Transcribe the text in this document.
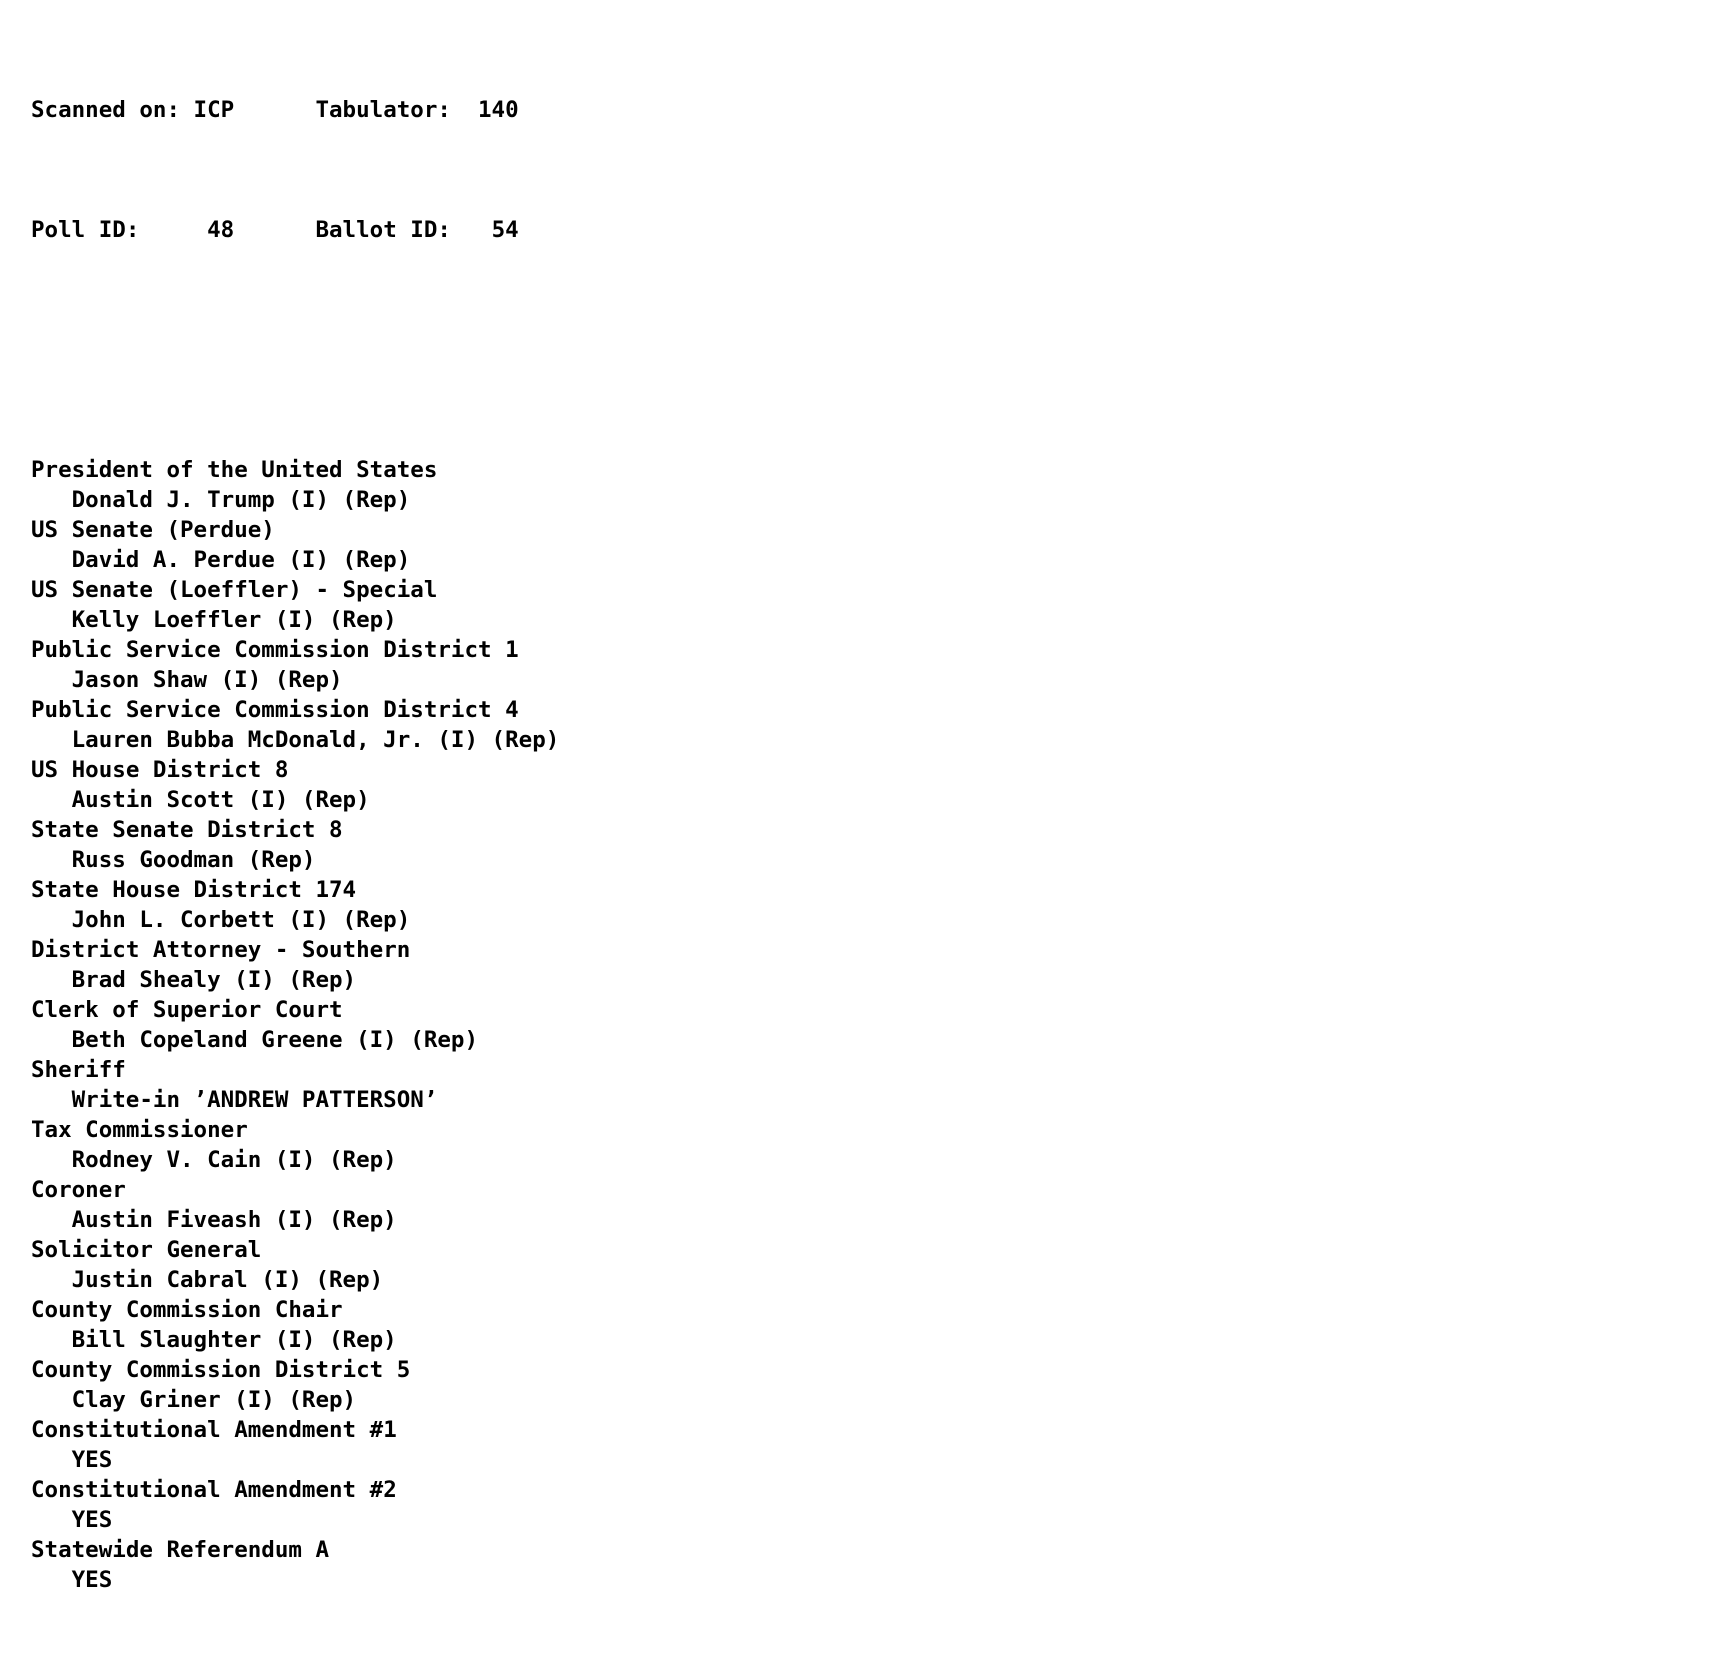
ICP

Scanned on:

	140

Tabulator:

48

Poll ID:

	54

Ballot ID:

President of the United States
Donald J. Trump (I) (Rep)
US Senate (Perdue)
David A. Perdue (I) (Rep)
US Senate (Loeffler) - Special
Kelly Loeffler (I) (Rep)
Public Service Commission District 1
Jason Shaw (I) (Rep)
Public Service Commission District 4
Lauren Bubba McDonald, Jr. (I) (Rep)
US House District 8
Austin Scott (I) (Rep)
State Senate District 8
Russ Goodman (Rep)
State House District 174
John L. Corbett (I) (Rep)
District Attorney - Southern
Brad Shealy (I) (Rep)
Clerk of Superior Court
Beth Copeland Greene (I) (Rep)
Sheriff
Write-in ’ANDREW PATTERSON’
Tax Commissioner
Rodney V. Cain (I) (Rep)
Coroner
Austin Fiveash (I) (Rep)
Solicitor General
Justin Cabral (I) (Rep)
County Commission Chair
Bill Slaughter (I) (Rep)
County Commission District 5
Clay Griner (I) (Rep)
Constitutional Amendment #1
YES
Constitutional Amendment #2
YES
Statewide Referendum A
YES
